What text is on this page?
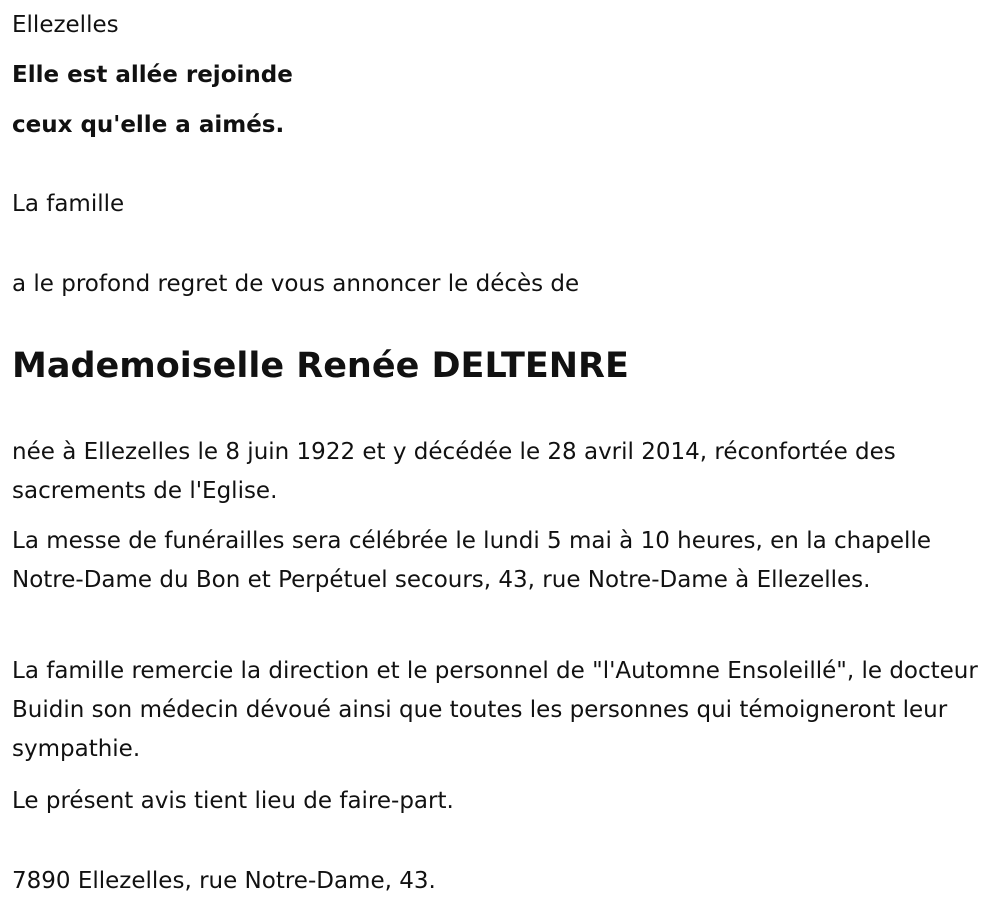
Ellezelles

Elle est allée rejoinde

ceux qu'elle a aimés.

La famille

a le profond regret de vous annoncer le décès de

Mademoiselle Renée DELTENRE

née à Ellezelles le 8 juin 1922 et y décédée le 28 avril 2014, réconfortée des sacrements de l'Eglise.

La messe de funérailles sera célébrée le lundi 5 mai à 10 heures, en la chapelle Notre-Dame du Bon et Perpétuel secours, 43, rue Notre-Dame à Ellezelles.

La famille remercie la direction et le personnel de "l'Automne Ensoleillé", le docteur Buidin son médecin dévoué ainsi que toutes les personnes qui témoigneront leur sympathie.

Le présent avis tient lieu de faire-part.

7890 Ellezelles, rue Notre-Dame, 43.
